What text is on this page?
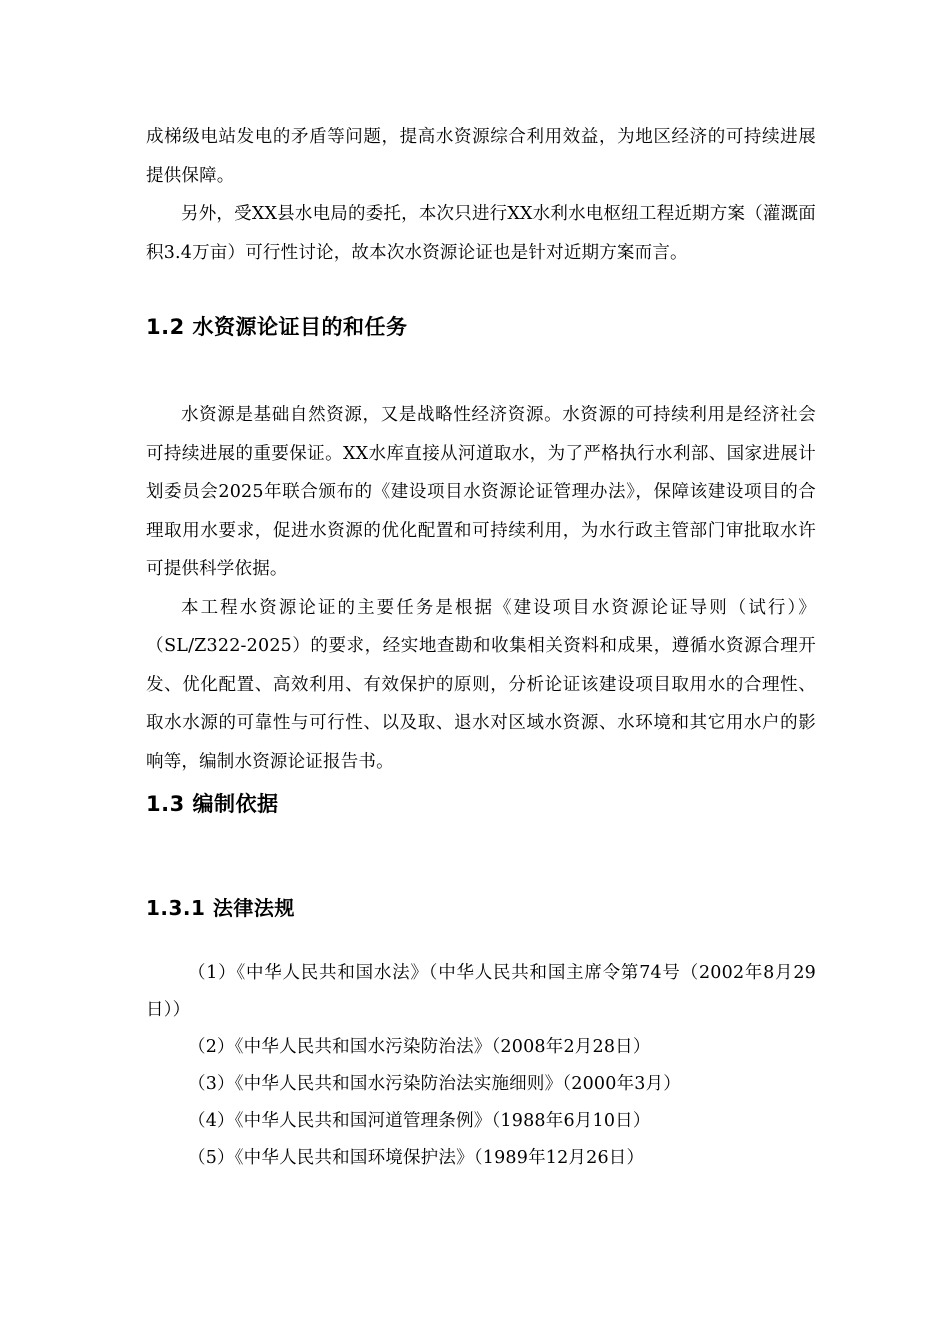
成梯级电站发电的矛盾等问题，提高水资源综合利用效益，为地区经济的可持续进展提供保障。

另外，受XX县水电局的委托，本次只进行XX水利水电枢纽工程近期方案（灌溉面积3.4万亩）可行性讨论，故本次水资源论证也是针对近期方案而言。

1.2 水资源论证目的和任务

水资源是基础自然资源，又是战略性经济资源。水资源的可持续利用是经济社会可持续进展的重要保证。XX水库直接从河道取水，为了严格执行水利部、国家进展计划委员会2025年联合颁布的《建设项目水资源论证管理办法》，保障该建设项目的合理取用水要求，促进水资源的优化配置和可持续利用，为水行政主管部门审批取水许可提供科学依据。

本工程水资源论证的主要任务是根据《建设项目水资源论证导则（试行）》（SL/Z322-2025）的要求，经实地查勘和收集相关资料和成果，遵循水资源合理开发、优化配置、高效利用、有效保护的原则，分析论证该建设项目取用水的合理性、取水水源的可靠性与可行性、以及取、退水对区域水资源、水环境和其它用水户的影响等，编制水资源论证报告书。

1.3 编制依据
1.3.1 法律法规

（1）《中华人民共和国水法》（中华人民共和国主席令第74号（2002年8月29日））

（2）《中华人民共和国水污染防治法》（2008年2月28日）

（3）《中华人民共和国水污染防治法实施细则》（2000年3月）

（4）《中华人民共和国河道管理条例》（1988年6月10日）

（5）《中华人民共和国环境保护法》（1989年12月26日）
